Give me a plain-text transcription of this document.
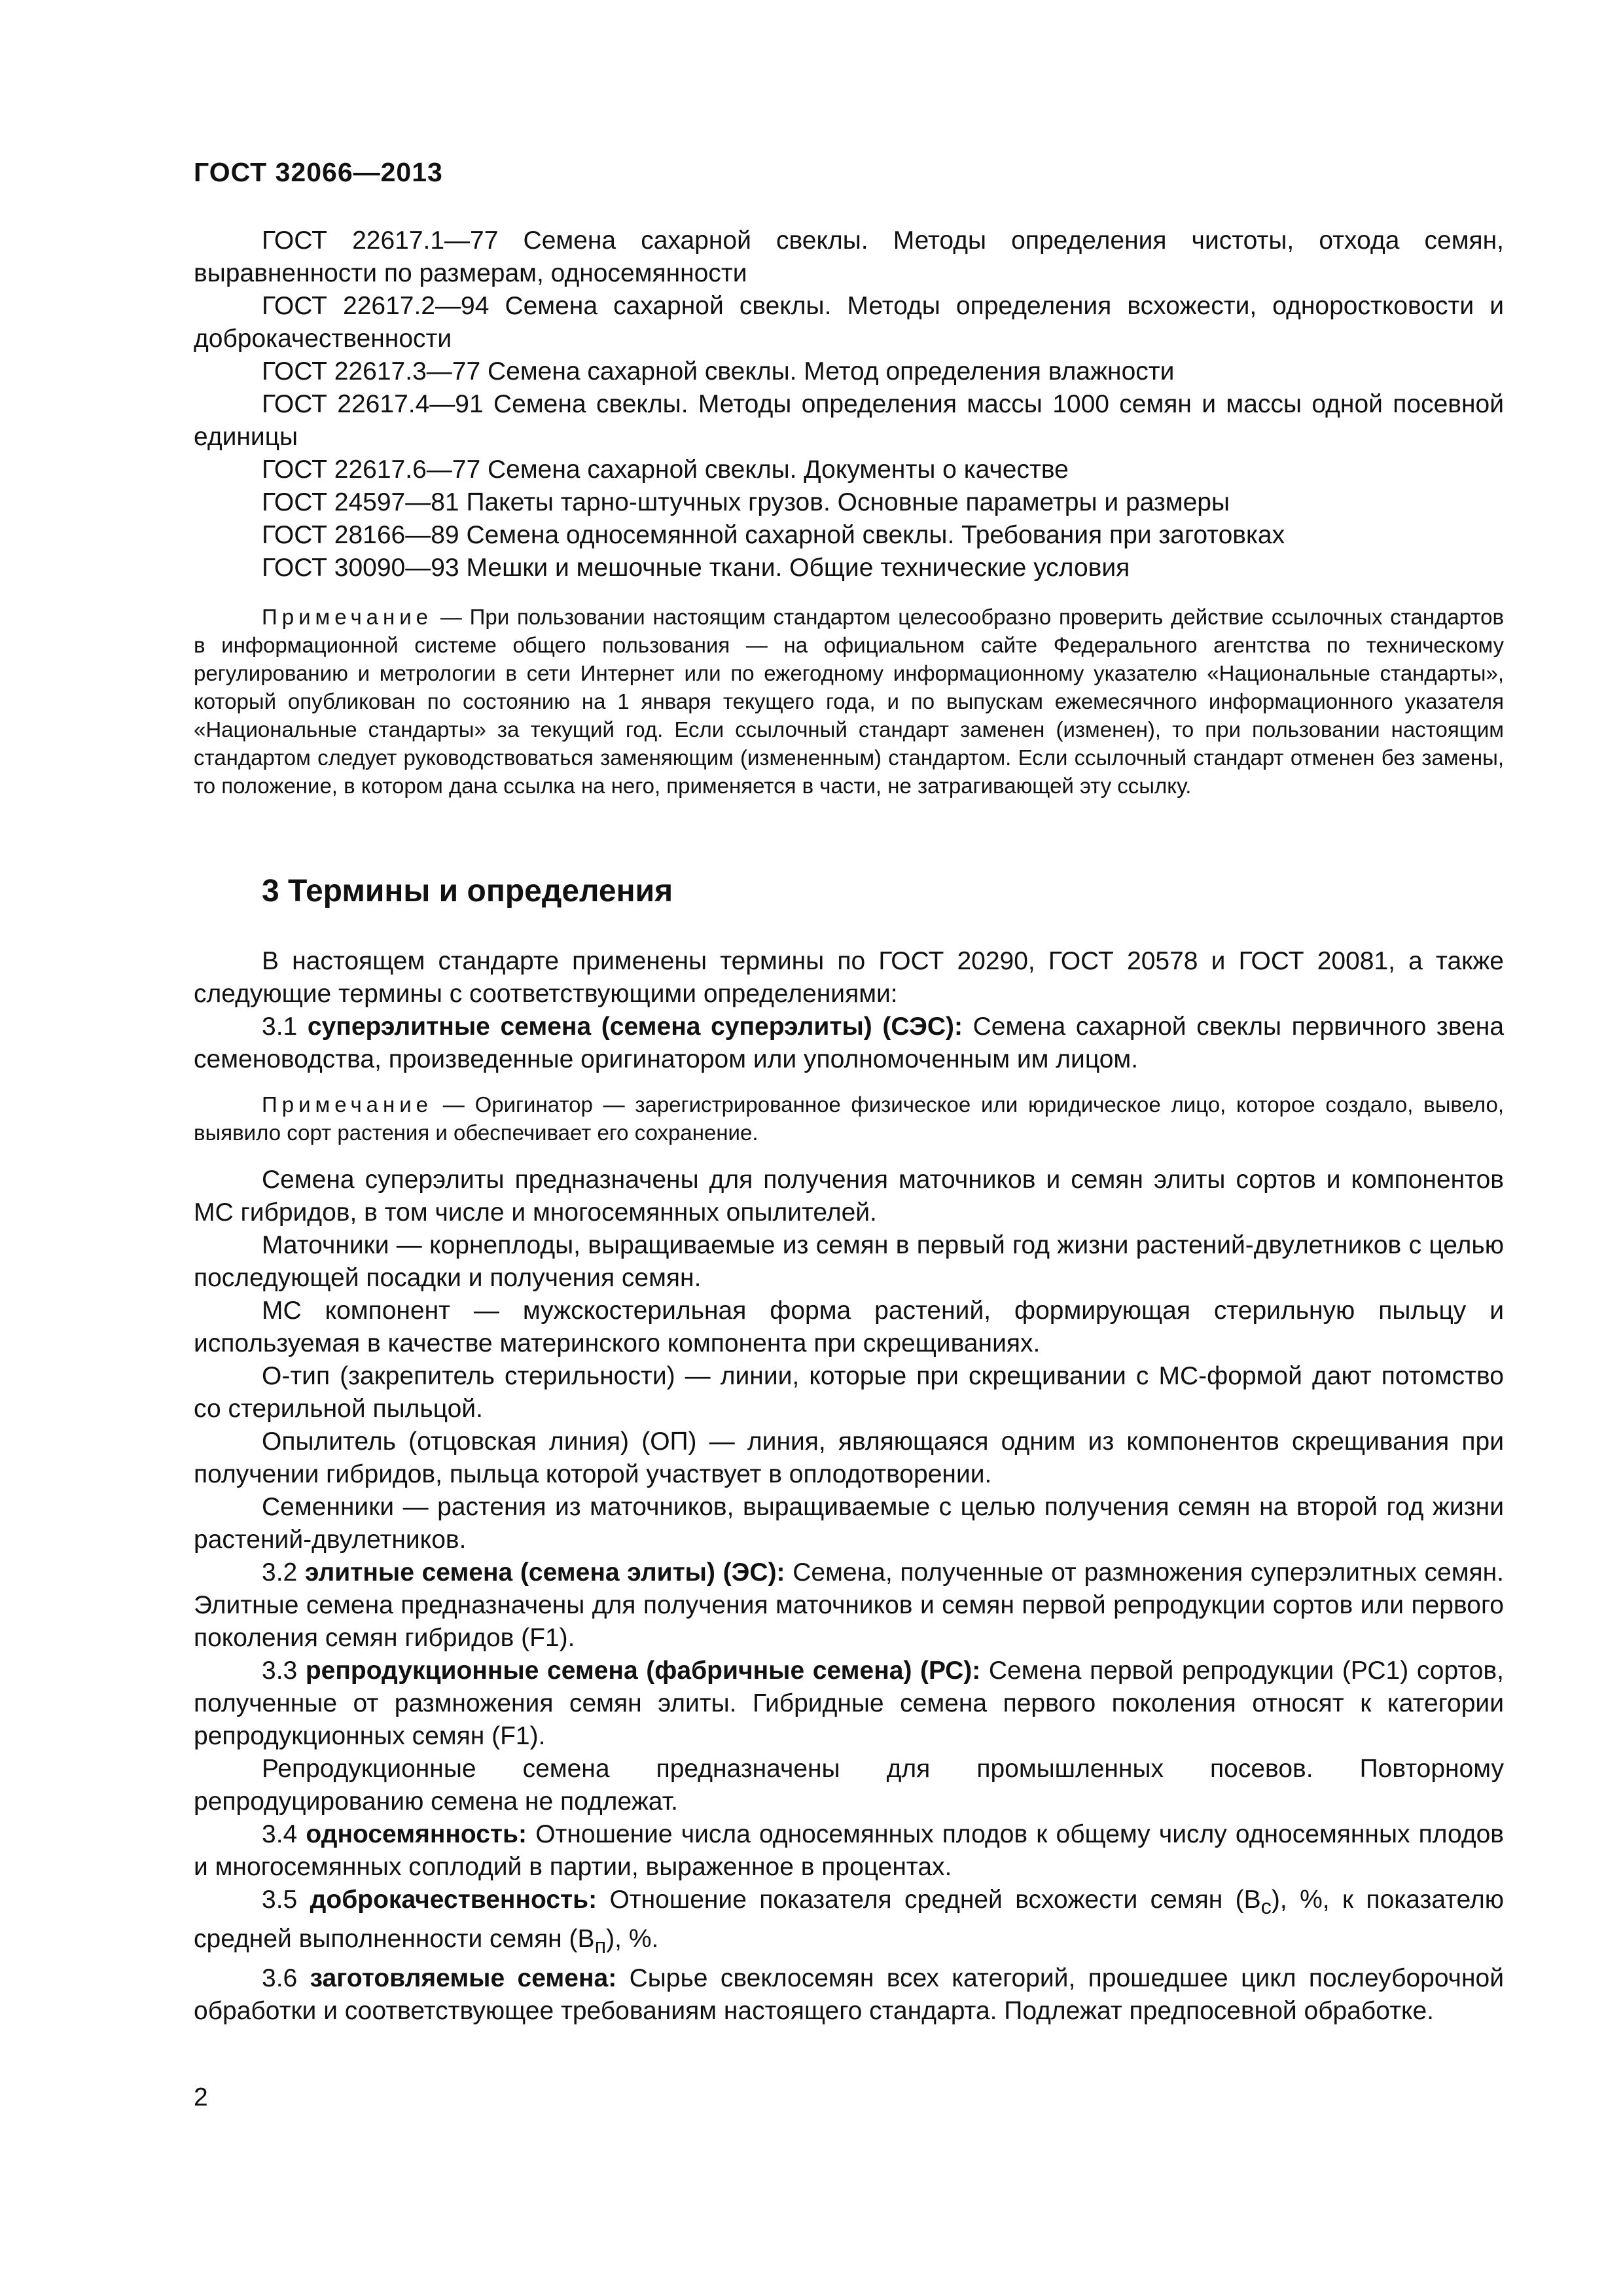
ГОСТ 32066—2013

ГОСТ 22617.1—77 Семена сахарной свеклы. Методы определения чистоты, отхода семян, выравненности по размерам, односемянности

ГОСТ 22617.2—94 Семена сахарной свеклы. Методы определения всхожести, одноростковости и доброкачественности

ГОСТ 22617.3—77 Семена сахарной свеклы. Метод определения влажности

ГОСТ 22617.4—91 Семена свеклы. Методы определения массы 1000 семян и массы одной посевной единицы

ГОСТ 22617.6—77 Семена сахарной свеклы. Документы о качестве

ГОСТ 24597—81 Пакеты тарно-штучных грузов. Основные параметры и размеры

ГОСТ 28166—89 Семена односемянной сахарной свеклы. Требования при заготовках

ГОСТ 30090—93 Мешки и мешочные ткани. Общие технические условия

Примечание — При пользовании настоящим стандартом целесообразно проверить действие ссылочных стандартов в информационной системе общего пользования — на официальном сайте Федерального агентства по техническому регулированию и метрологии в сети Интернет или по ежегодному информационному указателю «Национальные стандарты», который опубликован по состоянию на 1 января текущего года, и по выпускам ежемесячного информационного указателя «Национальные стандарты» за текущий год. Если ссылочный стандарт заменен (изменен), то при пользовании настоящим стандартом следует руководствоваться заменяющим (измененным) стандартом. Если ссылочный стандарт отменен без замены, то положение, в котором дана ссылка на него, применяется в части, не затрагивающей эту ссылку.

3 Термины и определения

В настоящем стандарте применены термины по ГОСТ 20290, ГОСТ 20578 и ГОСТ 20081, а также следующие термины с соответствующими определениями:

3.1 суперэлитные семена (семена суперэлиты) (СЭС): Семена сахарной свеклы первичного звена семеноводства, произведенные оригинатором или уполномоченным им лицом.

Примечание — Оригинатор — зарегистрированное физическое или юридическое лицо, которое создало, вывело, выявило сорт растения и обеспечивает его сохранение.

Семена суперэлиты предназначены для получения маточников и семян элиты сортов и компонентов МС гибридов, в том числе и многосемянных опылителей.

Маточники — корнеплоды, выращиваемые из семян в первый год жизни растений-двулетников с целью последующей посадки и получения семян.

МС компонент — мужскостерильная форма растений, формирующая стерильную пыльцу и используемая в качестве материнского компонента при скрещиваниях.

О-тип (закрепитель стерильности) — линии, которые при скрещивании с МС-формой дают потомство со стерильной пыльцой.

Опылитель (отцовская линия) (ОП) — линия, являющаяся одним из компонентов скрещивания при получении гибридов, пыльца которой участвует в оплодотворении.

Семенники — растения из маточников, выращиваемые с целью получения семян на второй год жизни растений-двулетников.

3.2 элитные семена (семена элиты) (ЭС): Семена, полученные от размножения суперэлитных семян. Элитные семена предназначены для получения маточников и семян первой репродукции сортов или первого поколения семян гибридов (F1).

3.3 репродукционные семена (фабричные семена) (РС): Семена первой репродукции (РС1) сортов, полученные от размножения семян элиты. Гибридные семена первого поколения относят к категории репродукционных семян (F1).

Репродукционные семена предназначены для промышленных посевов. Повторному репродуцированию семена не подлежат.

3.4 односемянность: Отношение числа односемянных плодов к общему числу односемянных плодов и многосемянных соплодий в партии, выраженное в процентах.

3.5 доброкачественность: Отношение показателя средней всхожести семян $(В_с)$, %, к показателю средней выполненности семян $(В_п)$, %.

3.6 заготовляемые семена: Сырье свеклосемян всех категорий, прошедшее цикл послеуборочной обработки и соответствующее требованиям настоящего стандарта. Подлежат предпосевной обработке.

2
